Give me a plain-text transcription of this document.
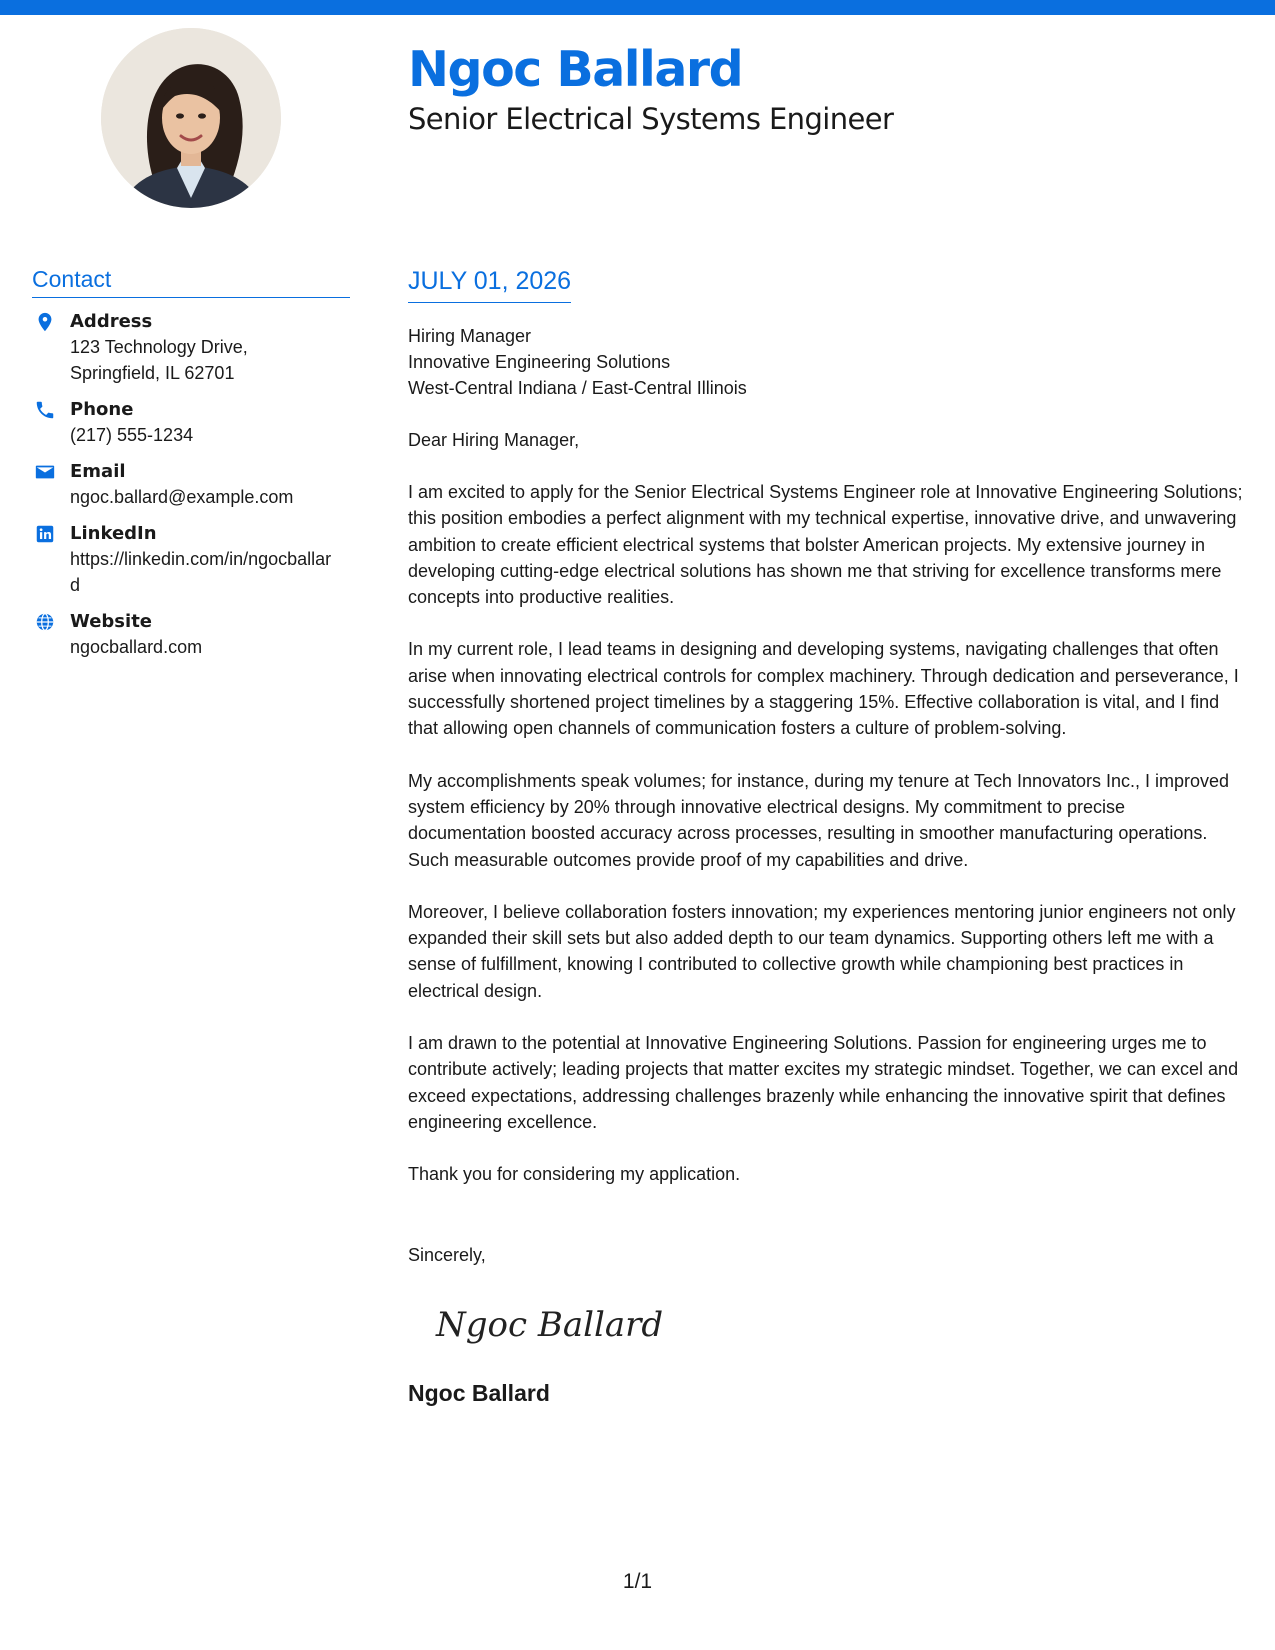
Ngoc Ballard
Senior Electrical Systems Engineer
Contact
Address
123 Technology Drive, Springfield, IL 62701
Phone
(217) 555-1234
Email
ngoc.ballard@example.com
LinkedIn
https://linkedin.com/in/ngocballard
Website
ngocballard.com
JULY 01, 2026
Hiring Manager
Innovative Engineering Solutions
West-Central Indiana / East-Central Illinois
Dear Hiring Manager,
I am excited to apply for the Senior Electrical Systems Engineer role at Innovative Engineering Solutions; this position embodies a perfect alignment with my technical expertise, innovative drive, and unwavering ambition to create efficient electrical systems that bolster American projects. My extensive journey in developing cutting-edge electrical solutions has shown me that striving for excellence transforms mere concepts into productive realities.
In my current role, I lead teams in designing and developing systems, navigating challenges that often arise when innovating electrical controls for complex machinery. Through dedication and perseverance, I successfully shortened project timelines by a staggering 15%. Effective collaboration is vital, and I find that allowing open channels of communication fosters a culture of problem-solving.
My accomplishments speak volumes; for instance, during my tenure at Tech Innovators Inc., I improved system efficiency by 20% through innovative electrical designs. My commitment to precise documentation boosted accuracy across processes, resulting in smoother manufacturing operations. Such measurable outcomes provide proof of my capabilities and drive.
Moreover, I believe collaboration fosters innovation; my experiences mentoring junior engineers not only expanded their skill sets but also added depth to our team dynamics. Supporting others left me with a sense of fulfillment, knowing I contributed to collective growth while championing best practices in electrical design.
I am drawn to the potential at Innovative Engineering Solutions. Passion for engineering urges me to contribute actively; leading projects that matter excites my strategic mindset. Together, we can excel and exceed expectations, addressing challenges brazenly while enhancing the innovative spirit that defines engineering excellence.
Thank you for considering my application.
Sincerely,
Ngoc Ballard
Ngoc Ballard
1/1
